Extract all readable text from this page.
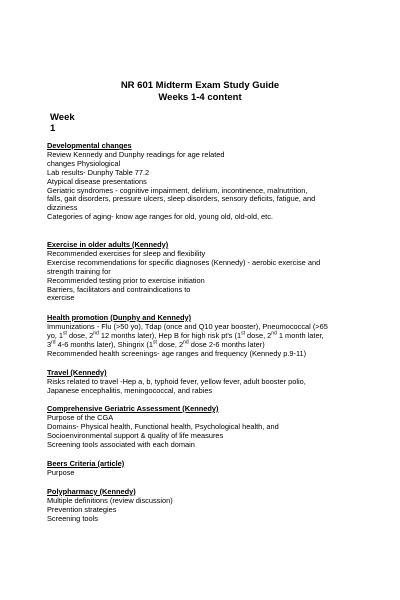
NR 601 Midterm Exam Study Guide
Weeks 1-4 content
Week
1
Developmental changes
Review Kennedy and Dunphy readings for age related
changes Physiological
Lab results- Dunphy Table 77.2
Atypical disease presentations
Geriatric syndromes - cognitive impairment, delirium, incontinence, malnutrition,
falls, gait disorders, pressure ulcers, sleep disorders, sensory deficits, fatigue, and
dizziness
Categories of aging- know age ranges for old, young old, old-old, etc.
Exercise in older adults (Kennedy)
Recommended exercises for sleep and flexibility
Exercise recommendations for specific diagnoses (Kennedy) - aerobic exercise and
strength training for
Recommended testing prior to exercise initiation
Barriers, facilitators and contraindications to
exercise
Health promotion (Dunphy and Kennedy)
Immunizations - Flu (>50 yo), Tdap (once and Q10 year booster), Pneumococcal (>65
yo, 1st dose, 2nd 12 months later), Hep B for high risk pt's (1st dose, 2nd 1 month later,
3rd 4-6 months later), Shingrix (1st dose, 2nd dose 2-6 months later)
Recommended health screenings- age ranges and frequency (Kennedy p.9-11)
Travel (Kennedy)
Risks related to travel -Hep a, b, typhoid fever, yellow fever, adult booster polio,
Japanese encephalitis, meningococcal, and rabies
Comprehensive Geriatric Assessment (Kennedy)
Purpose of the CGA
Domains- Physical health, Functional health, Psychological health, and
Socioenvironmental support & quality of life measures
Screening tools associated with each domain
Beers Criteria (article)
Purpose
Polypharmacy (Kennedy)
Multiple definitions (review discussion)
Prevention strategies
Screening tools
